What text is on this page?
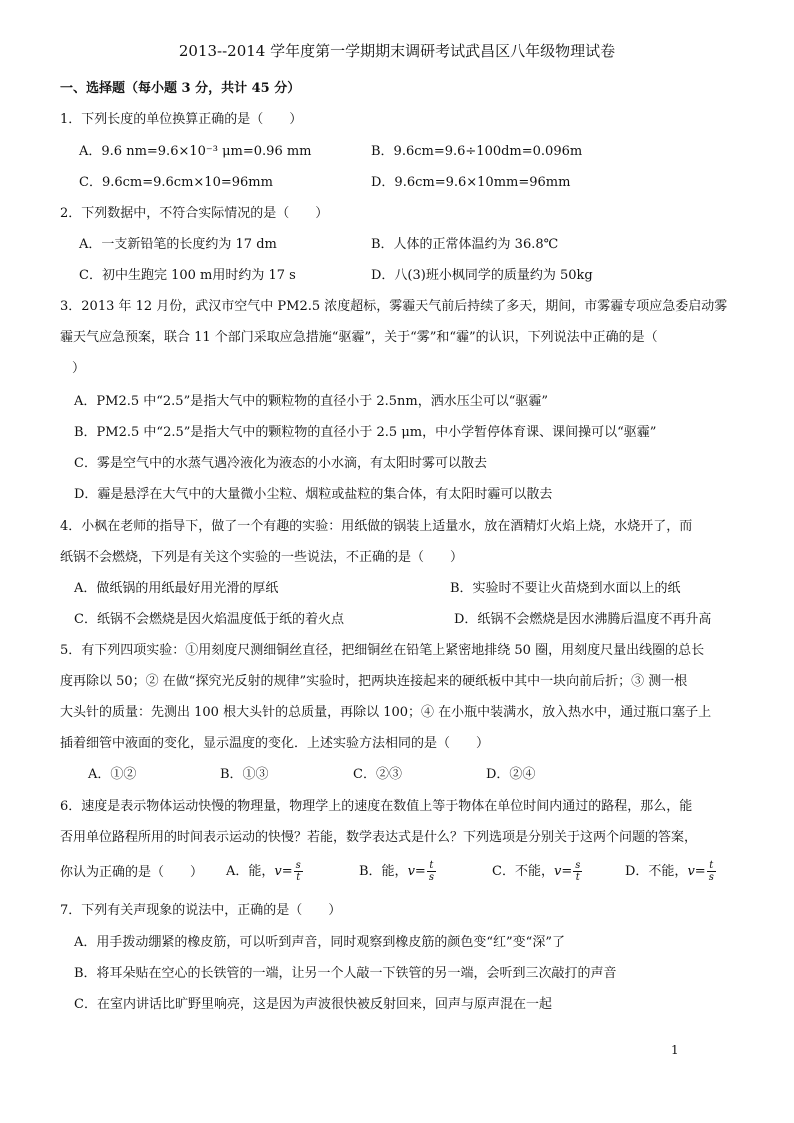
2013--2014 学年度第一学期期末调研考试武昌区八年级物理试卷
一、选择题（每小题 3 分，共计 45 分）
1．下列长度的单位换算正确的是（　　）
A．9.6 nm=9.6×10⁻³ μm=0.96 mm	B．9.6cm=9.6÷100dm=0.096m
C．9.6cm=9.6cm×10=96mm	D．9.6cm=9.6×10mm=96mm
2．下列数据中，不符合实际情况的是（　　）
A．一支新铅笔的长度约为 17 dm	B．人体的正常体温约为 36.8℃
C．初中生跑完 100 m用时约为 17 s	D．八(3)班小枫同学的质量约为 50kg
3．2013 年 12 月份，武汉市空气中 PM2.5 浓度超标，雾霾天气前后持续了多天，期间，市雾霾专项应急委启动雾
霾天气应急预案，联合 11 个部门采取应急措施“驱霾”，关于“雾”和“霾”的认识，下列说法中正确的是（
）
A．PM2.5 中“2.5”是指大气中的颗粒物的直径小于 2.5nm，洒水压尘可以“驱霾”
B．PM2.5 中“2.5”是指大气中的颗粒物的直径小于 2.5 μm，中小学暂停体育课、课间操可以“驱霾”
C．雾是空气中的水蒸气遇冷液化为液态的小水滴，有太阳时雾可以散去
D．霾是悬浮在大气中的大量微小尘粒、烟粒或盐粒的集合体，有太阳时霾可以散去
4．小枫在老师的指导下，做了一个有趣的实验：用纸做的锅装上适量水，放在酒精灯火焰上烧，水烧开了，而
纸锅不会燃烧，下列是有关这个实验的一些说法，不正确的是（　　）
A．做纸锅的用纸最好用光滑的厚纸	B．实验时不要让火苗烧到水面以上的纸
C．纸锅不会燃烧是因火焰温度低于纸的着火点	D．纸锅不会燃烧是因水沸腾后温度不再升高
5．有下列四项实验：①用刻度尺测细铜丝直径，把细铜丝在铅笔上紧密地排绕 50 圈，用刻度尺量出线圈的总长
度再除以 50；② 在做“探究光反射的规律”实验时，把两块连接起来的硬纸板中其中一块向前后折；③ 测一根
大头针的质量：先测出 100 根大头针的总质量，再除以 100；④ 在小瓶中装满水，放入热水中，通过瓶口塞子上
插着细管中液面的变化，显示温度的变化．上述实验方法相同的是（　　）
A．①②	B．①③	C．②③	D．②④
6．速度是表示物体运动快慢的物理量，物理学上的速度在数值上等于物体在单位时间内通过的路程，那么，能
否用单位路程所用的时间表示运动的快慢？若能，数学表达式是什么？下列选项是分别关于这两个问题的答案，
你认为正确的是（　　） A．能，$v= \frac{s}{t}$	B．能，$v= \frac{t}{s}$	C．不能，$v= \frac{s}{t}$	D．不能，$v= \frac{t}{s}$
7．下列有关声现象的说法中，正确的是（　　）
A．用手拨动绷紧的橡皮筋，可以听到声音，同时观察到橡皮筋的颜色变“红”变“深”了
B．将耳朵贴在空心的长铁管的一端，让另一个人敲一下铁管的另一端，会听到三次敲打的声音
C．在室内讲话比旷野里响亮，这是因为声波很快被反射回来，回声与原声混在一起
1
